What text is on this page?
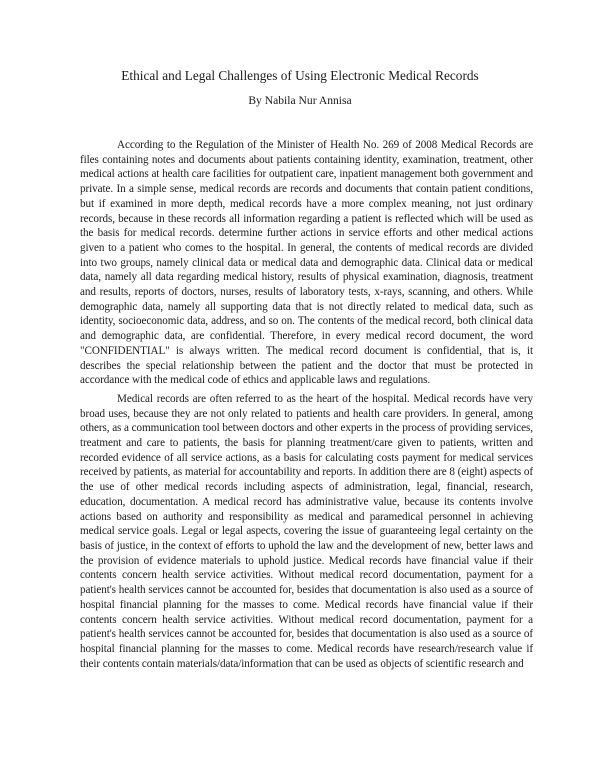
Ethical and Legal Challenges of Using Electronic Medical Records

By Nabila Nur Annisa

According to the Regulation of the Minister of Health No. 269 of 2008 Medical Records are files containing notes and documents about patients containing identity, examination, treatment, other medical actions at health care facilities for outpatient care, inpatient management both government and private. In a simple sense, medical records are records and documents that contain patient conditions, but if examined in more depth, medical records have a more complex meaning, not just ordinary records, because in these records all information regarding a patient is reflected which will be used as the basis for medical records. determine further actions in service efforts and other medical actions given to a patient who comes to the hospital. In general, the contents of medical records are divided into two groups, namely clinical data or medical data and demographic data. Clinical data or medical data, namely all data regarding medical history, results of physical examination, diagnosis, treatment and results, reports of doctors, nurses, results of laboratory tests, x-rays, scanning, and others. While demographic data, namely all supporting data that is not directly related to medical data, such as identity, socioeconomic data, address, and so on. The contents of the medical record, both clinical data and demographic data, are confidential. Therefore, in every medical record document, the word "CONFIDENTIAL" is always written. The medical record document is confidential, that is, it describes the special relationship between the patient and the doctor that must be protected in accordance with the medical code of ethics and applicable laws and regulations.

Medical records are often referred to as the heart of the hospital. Medical records have very broad uses, because they are not only related to patients and health care providers. In general, among others, as a communication tool between doctors and other experts in the process of providing services, treatment and care to patients, the basis for planning treatment/care given to patients, written and recorded evidence of all service actions, as a basis for calculating costs payment for medical services received by patients, as material for accountability and reports. In addition there are 8 (eight) aspects of the use of other medical records including aspects of administration, legal, financial, research, education, documentation. A medical record has administrative value, because its contents involve actions based on authority and responsibility as medical and paramedical personnel in achieving medical service goals. Legal or legal aspects, covering the issue of guaranteeing legal certainty on the basis of justice, in the context of efforts to uphold the law and the development of new, better laws and the provision of evidence materials to uphold justice. Medical records have financial value if their contents concern health service activities. Without medical record documentation, payment for a patient's health services cannot be accounted for, besides that documentation is also used as a source of hospital financial planning for the masses to come. Medical records have financial value if their contents concern health service activities. Without medical record documentation, payment for a patient's health services cannot be accounted for, besides that documentation is also used as a source of hospital financial planning for the masses to come. Medical records have research/research value if their contents contain materials/data/information that can be used as objects of scientific research and
